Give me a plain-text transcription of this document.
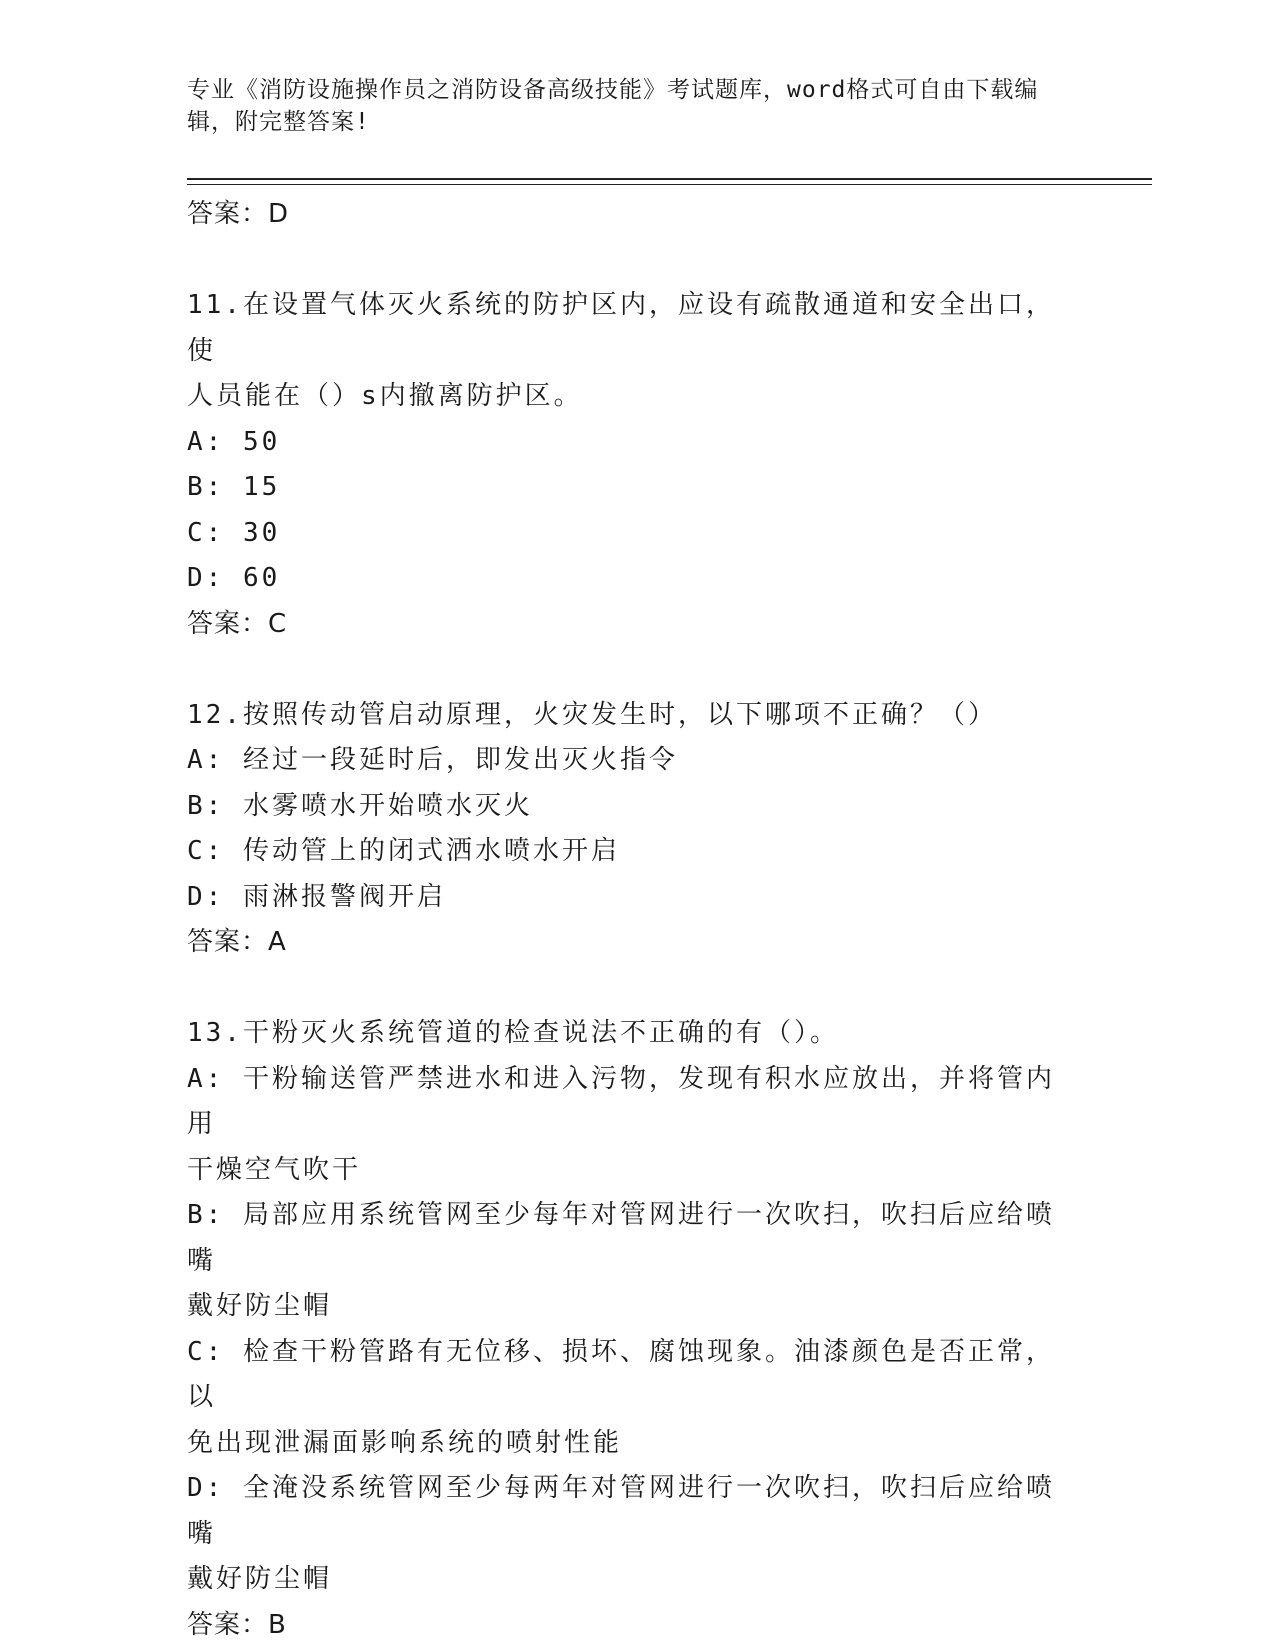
专业《消防设施操作员之消防设备高级技能》考试题库，word格式可自由下载编
辑，附完整答案!
答案：D
11.在设置气体灭火系统的防护区内，应设有疏散通道和安全出口，使
人员能在（）s内撤离防护区。
A: 50
B: 15
C: 30
D: 60
答案：C
12.按照传动管启动原理，火灾发生时，以下哪项不正确？（）
A: 经过一段延时后，即发出灭火指令
B: 水雾喷水开始喷水灭火
C: 传动管上的闭式洒水喷水开启
D: 雨淋报警阀开启
答案：A
13.干粉灭火系统管道的检查说法不正确的有（）。
A: 干粉输送管严禁进水和进入污物，发现有积水应放出，并将管内用
干燥空气吹干
B: 局部应用系统管网至少每年对管网进行一次吹扫，吹扫后应给喷嘴
戴好防尘帽
C: 检查干粉管路有无位移、损坏、腐蚀现象。油漆颜色是否正常，以
免出现泄漏面影响系统的喷射性能
D: 全淹没系统管网至少每两年对管网进行一次吹扫，吹扫后应给喷嘴
戴好防尘帽
答案：B
